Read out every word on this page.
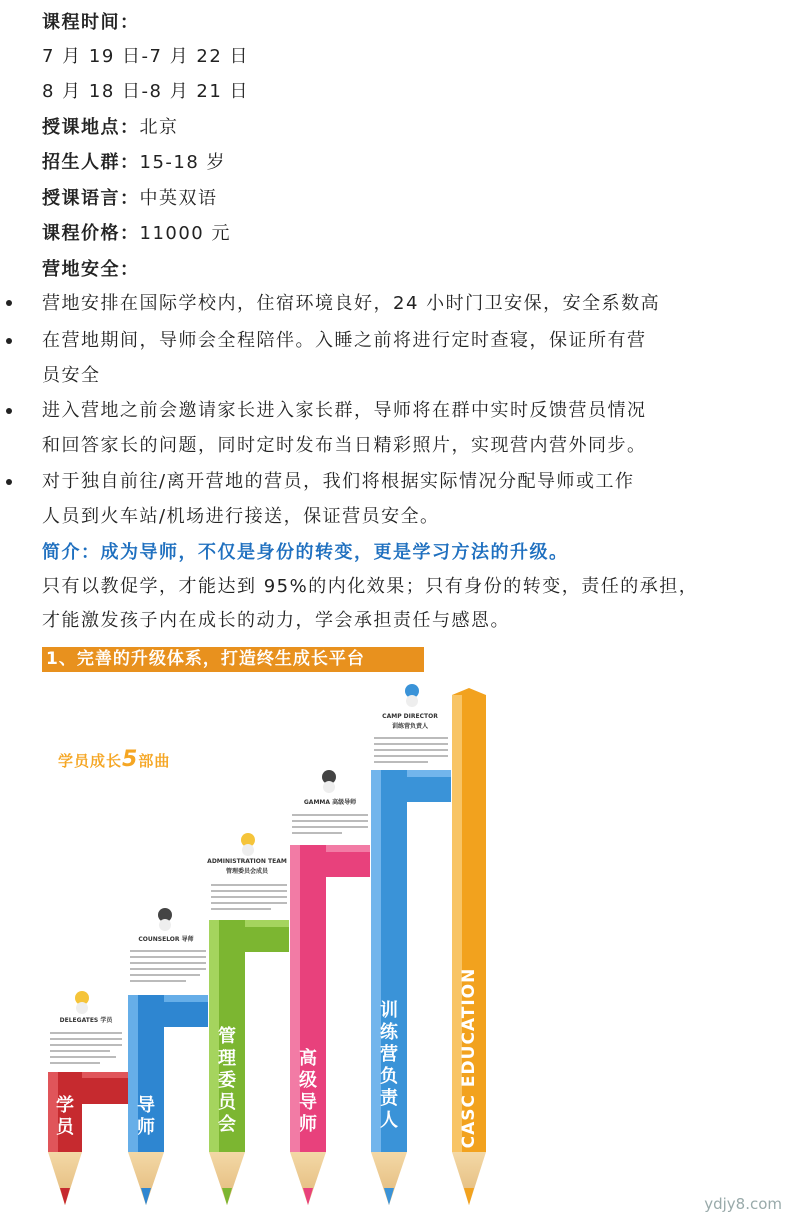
课程时间：
7 月 19 日-7 月 22 日
8 月 18 日-8 月 21 日
授课地点：北京
招生人群：15-18 岁
授课语言：中英双语
课程价格：11000 元
营地安全：
营地安排在国际学校内，住宿环境良好，24 小时门卫安保，安全系数高
在营地期间，导师会全程陪伴。入睡之前将进行定时查寝，保证所有营
员安全
进入营地之前会邀请家长进入家长群，导师将在群中实时反馈营员情况
和回答家长的问题，同时定时发布当日精彩照片，实现营内营外同步。
对于独自前往/离开营地的营员，我们将根据实际情况分配导师或工作
人员到火车站/机场进行接送，保证营员安全。
简介：成为导师，不仅是身份的转变，更是学习方法的升级。
只有以教促学，才能达到 95%的内化效果；只有身份的转变，责任的承担，
才能激发孩子内在成长的动力，学会承担责任与感恩。
1、完善的升级体系，打造终生成长平台
学员成长5部曲
DELEGATES 学员
COUNSELOR 导师
ADMINISTRATION TEAM
管理委员会成员
GAMMA 高级导师
CAMP DIRECTOR
训练营负责人
学员
导师
管理委员会
高级导师
训练营负责人	CASC EDUCATION
ydjy8.com
